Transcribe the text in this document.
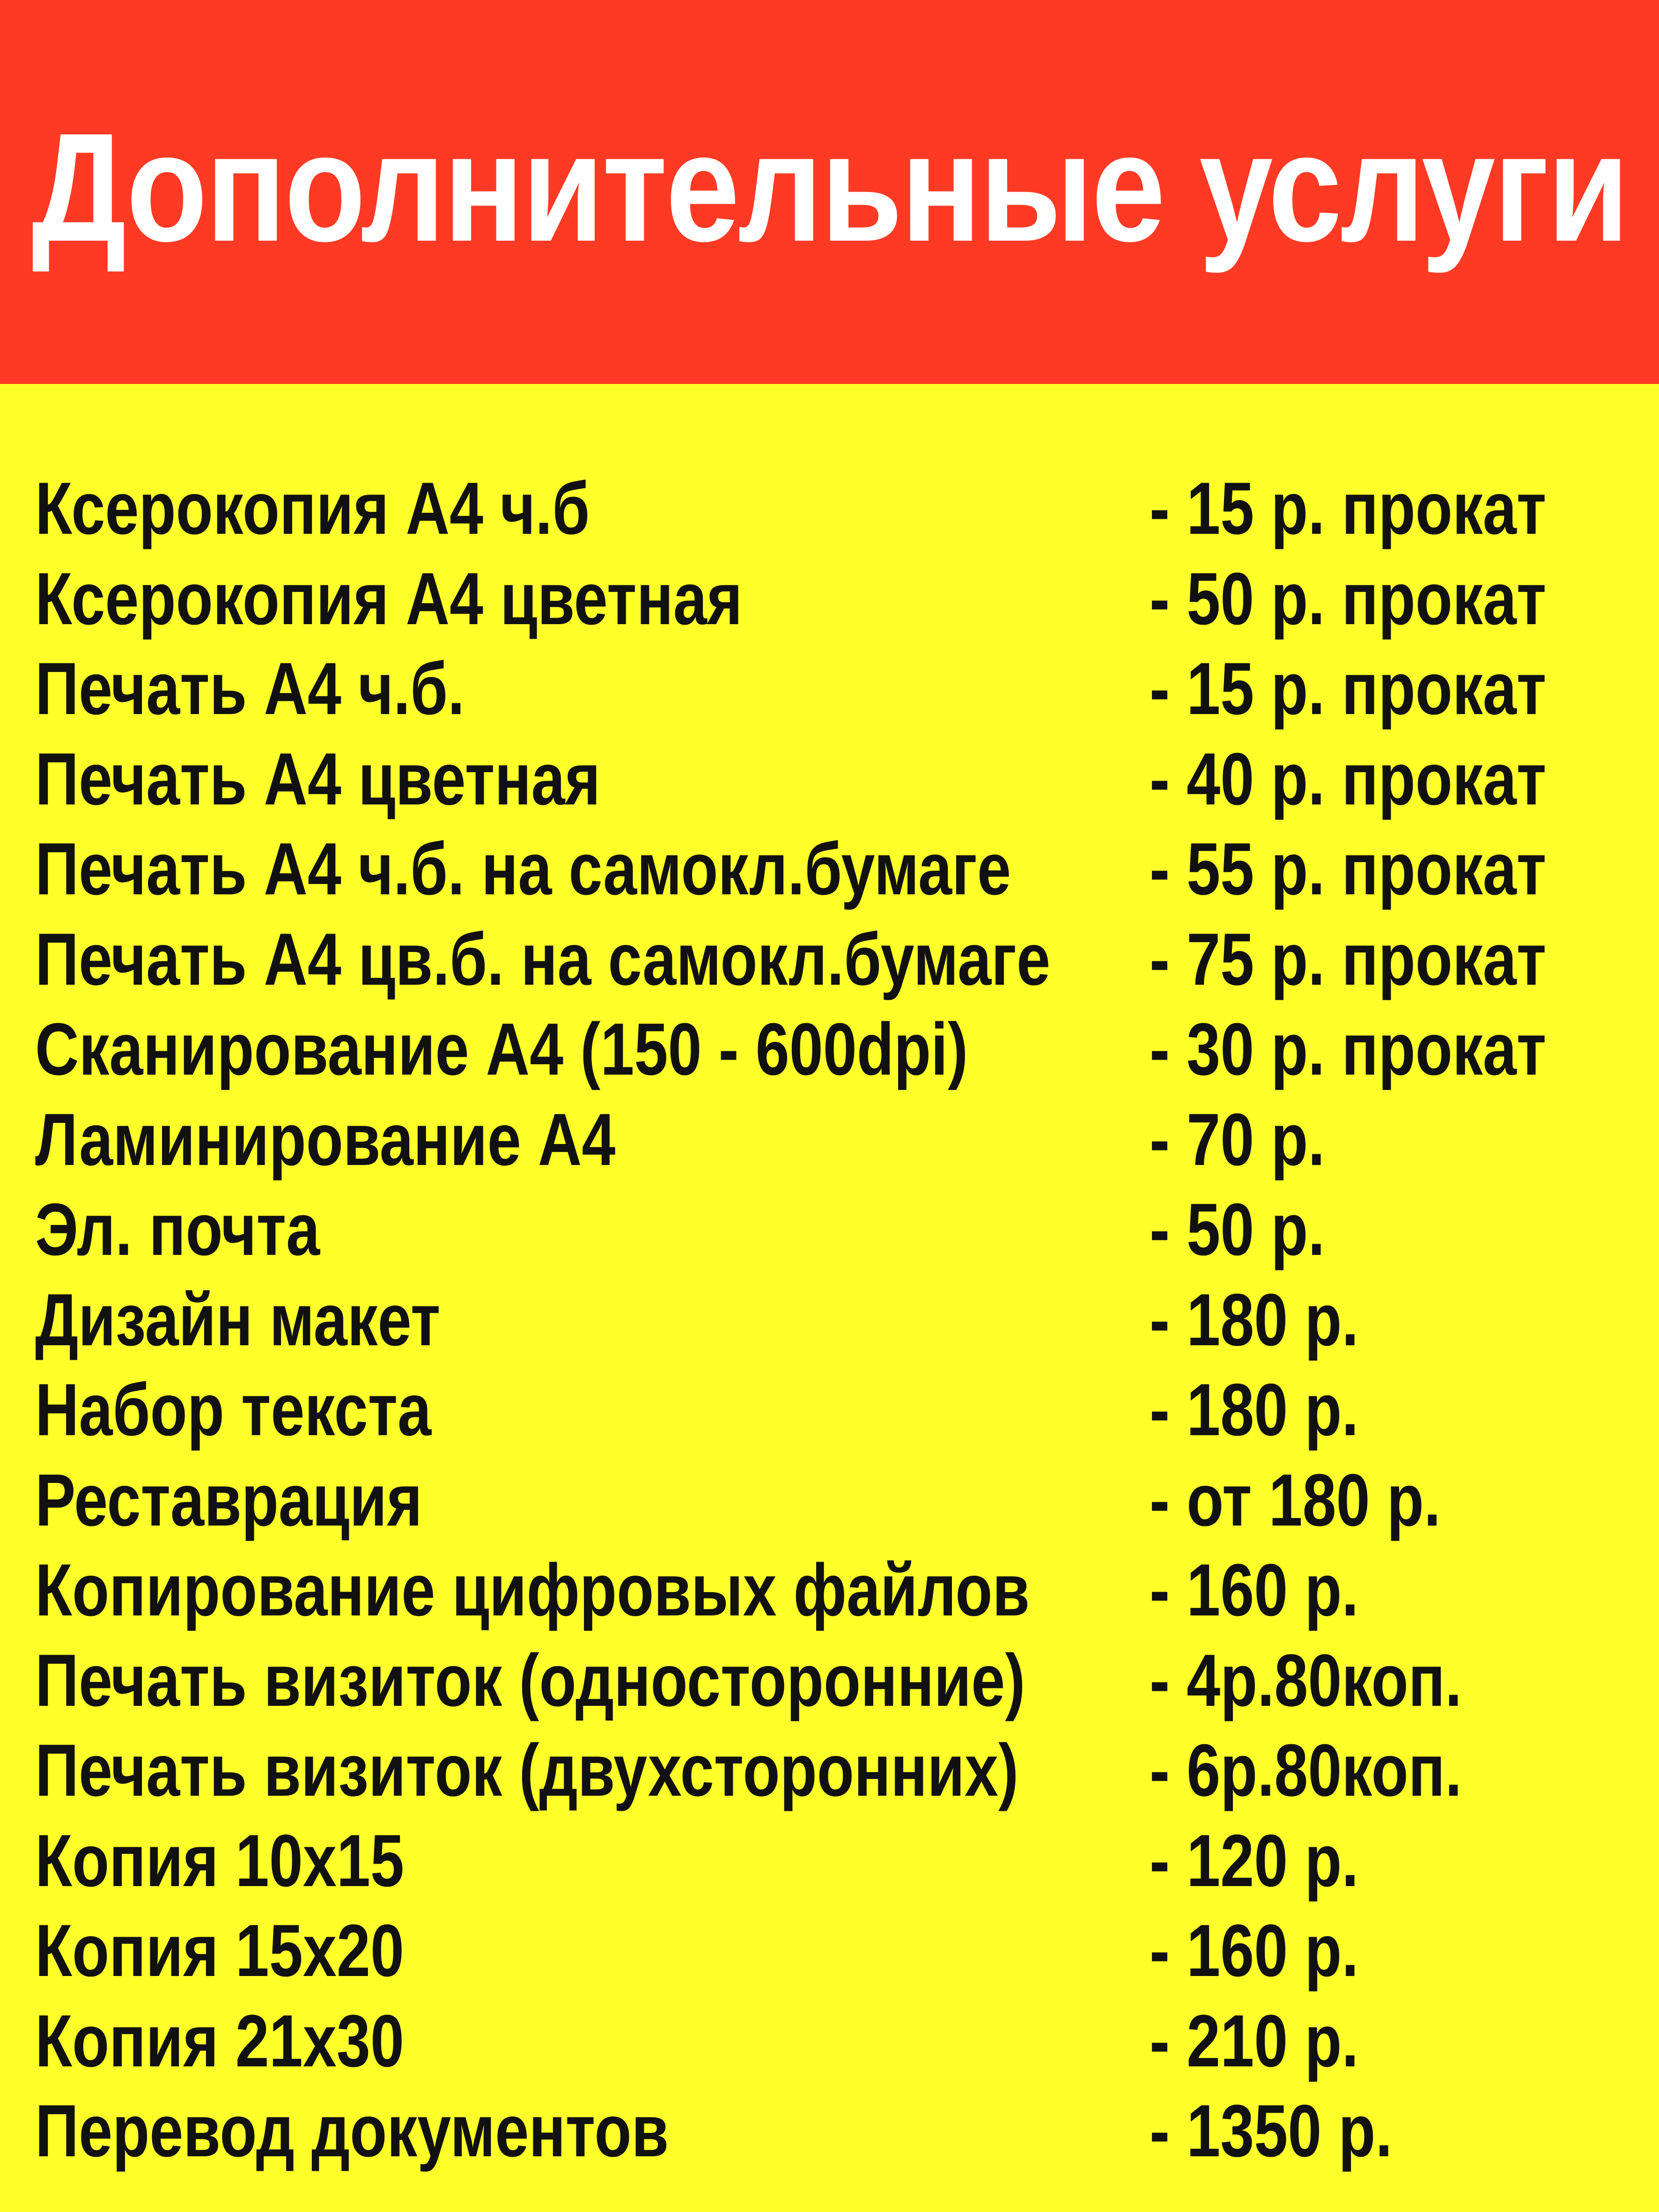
Дополнительные услуги
Ксерокопия А4 ч.б	- 15 р. прокат
Ксерокопия А4 цветная	- 50 р. прокат
Печать А4 ч.б.	- 15 р. прокат
Печать А4 цветная	- 40 р. прокат
Печать А4 ч.б. на самокл.бумаге - 55 р. прокат
Печать А4 цв.б. на самокл.бумаге - 75 р. прокат
Сканирование А4 (150 - 600dpi) - 30 р. прокат
Ламинирование А4	- 70 р.
Эл. почта	- 50 р.
Дизайн макет	- 180 р.
Набор текста	- 180 р.
Реставрация	- от 180 р.
Копирование цифровых файлов - 160 р.
Печать визиток (односторонние) - 4р.80коп.
Печать визиток (двухсторонних) - 6р.80коп.
Копия 10х15	- 120 р.
Копия 15х20	- 160 р.
Копия 21х30	- 210 р.
Перевод документов	- 1350 р.
